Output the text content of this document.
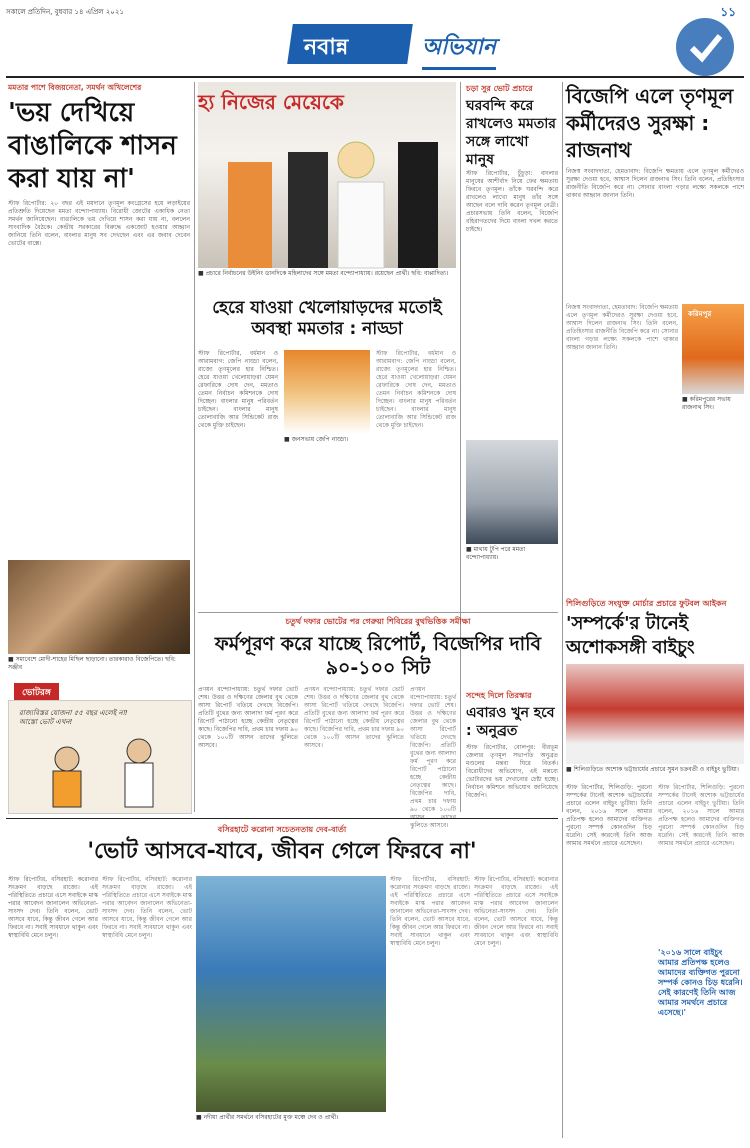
সকালে প্রতিদিন, বুধবার ১৪ এপ্রিল ২০২১	১১
নবান্ন	অভিযান
মমতার পাশে বিজয়নেতা, সমর্থন অখিলেশের
'ভয় দেখিয়ে বাঙালিকে শাসন করা যায় না'
স্টাফ রিপোর্টার: ২০ বছর এই ময়দানে তৃণমূল কংগ্রেসের হয়ে লড়াইয়ের প্রতিশ্রুতি দিয়েছেন মমতা বন্দ্যোপাধ্যায়। বিরোধী জোটের একাধিক নেতা সমর্থন জানিয়েছেন। বাঙালিকে ভয় দেখিয়ে শাসন করা যায় না, বললেন সাংবাদিক বৈঠকে। কেন্দ্রীয় সরকারের বিরুদ্ধে একজোট হওয়ার আহ্বান জানিয়ে তিনি বলেন, বাংলার মানুষ সব দেখছেন এবং এর জবাব দেবেন ভোটের বাক্সে।
■ সমাবেশে মোদী-শাহের মিছিল ছাড়ানো। তারকারাও বিজেপিতে। ছবি: সঞ্জীব
ভোটরঙ্গ
রাজ্যবিস্তর যোজনা ৫৫ বছর এলেই না! আস্তো ভোট এখন!
হ্য নিজের মেয়েকে
■ প্রচারে নির্বাচনের উইনিং ডানদিকে মহিলাদের সঙ্গে মমতা বন্দ্যোপাধ্যায়। রয়েছেন প্রার্থী। ছবি: বাপ্পাদিত্য।
হেরে যাওয়া খেলোয়াড়দের মতোই অবস্থা মমতার : নাড্ডা
স্টাফ রিপোর্টার, বর্ধমান ও আরামবাগ: জেপি নাড্ডা বলেন, রাজ্যে তৃণমূলের হার নিশ্চিত। হেরে যাওয়া খেলোয়াড়রা যেমন রেফারিকে দোষ দেন, মমতাও তেমন নির্বাচন কমিশনকে দোষ দিচ্ছেন। বাংলার মানুষ পরিবর্তন চাইছেন। বাংলার মানুষ তোলাবাজি আর সিন্ডিকেট রাজ থেকে মুক্তি চাইছেন।
■ জনসভায় জেপি নাড্ডা।
স্টাফ রিপোর্টার, বর্ধমান ও আরামবাগ: জেপি নাড্ডা বলেন, রাজ্যে তৃণমূলের হার নিশ্চিত। হেরে যাওয়া খেলোয়াড়রা যেমন রেফারিকে দোষ দেন, মমতাও তেমন নির্বাচন কমিশনকে দোষ দিচ্ছেন। বাংলার মানুষ পরিবর্তন চাইছেন। বাংলার মানুষ তোলাবাজি আর সিন্ডিকেট রাজ থেকে মুক্তি চাইছেন।
চড়া সুর ভোট প্রচারে
ঘরবন্দি করে রাখলেও মমতার সঙ্গে লাখো মানুষ
স্টাফ রিপোর্টার, চুঁচুড়া: বাংলার মানুষের আশীর্বাদ নিয়ে ফের ক্ষমতায় ফিরবে তৃণমূল। তাঁকে ঘরবন্দি করে রাখলেও লাখো মানুষ তাঁর সঙ্গে আছেন বলে দাবি করেন তৃণমূল নেত্রী। প্রচারসভায় তিনি বলেন, বিজেপি বহিরাগতদের দিয়ে বাংলা দখল করতে চাইছে।
■ মাথায় টুপি পরে মমতা বন্দ্যোপাধ্যায়।
বিজেপি এলে তৃণমূল কর্মীদেরও সুরক্ষা : রাজনাথ
নিজস্ব সংবাদদাতা, হেমতাবাদ: বিজেপি ক্ষমতায় এলে তৃণমূল কর্মীদেরও সুরক্ষা দেওয়া হবে, আশ্বাস দিলেন রাজনাথ সিং। তিনি বলেন, প্রতিহিংসার রাজনীতি বিজেপি করে না। সোনার বাংলা গড়ার লক্ষ্যে সকলকে পাশে থাকার আহ্বান জানান তিনি।
করিমপুর
■ করিমপুরের সভায় রাজনাথ সিং।
নিজস্ব সংবাদদাতা, হেমতাবাদ: বিজেপি ক্ষমতায় এলে তৃণমূল কর্মীদেরও সুরক্ষা দেওয়া হবে, আশ্বাস দিলেন রাজনাথ সিং। তিনি বলেন, প্রতিহিংসার রাজনীতি বিজেপি করে না। সোনার বাংলা গড়ার লক্ষ্যে সকলকে পাশে থাকার আহ্বান জানান তিনি।
চতুর্থ দফার ভোটের পর গেরুয়া শিবিরের বুথভিত্তিক সমীক্ষা
ফর্মপূরণ করে যাচ্ছে রিপোর্ট, বিজেপির দাবি ৯০-১০০ সিট
প্রণয়ন বন্দ্যোপাধ্যায়: চতুর্থ দফার ভোট শেষ। উত্তর ও দক্ষিণের জেলার বুথ থেকে আসা রিপোর্ট খতিয়ে দেখছে বিজেপি। প্রতিটি বুথের জন্য আলাদা ফর্ম পূরণ করে রিপোর্ট পাঠানো হচ্ছে কেন্দ্রীয় নেতৃত্বের কাছে। বিজেপির দাবি, প্রথম চার দফায় ৯০ থেকে ১০০টি আসন তাদের ঝুলিতে আসবে।
প্রণয়ন বন্দ্যোপাধ্যায়: চতুর্থ দফার ভোট শেষ। উত্তর ও দক্ষিণের জেলার বুথ থেকে আসা রিপোর্ট খতিয়ে দেখছে বিজেপি। প্রতিটি বুথের জন্য আলাদা ফর্ম পূরণ করে রিপোর্ট পাঠানো হচ্ছে কেন্দ্রীয় নেতৃত্বের কাছে। বিজেপির দাবি, প্রথম চার দফায় ৯০ থেকে ১০০টি আসন তাদের ঝুলিতে আসবে।
প্রণয়ন বন্দ্যোপাধ্যায়: চতুর্থ দফার ভোট শেষ। উত্তর ও দক্ষিণের জেলার বুথ থেকে আসা রিপোর্ট খতিয়ে দেখছে বিজেপি। প্রতিটি বুথের জন্য আলাদা ফর্ম পূরণ করে রিপোর্ট পাঠানো হচ্ছে কেন্দ্রীয় নেতৃত্বের কাছে। বিজেপির দাবি, প্রথম চার দফায় ৯০ থেকে ১০০টি ঝুলিতে আসবে।
সন্দেহ দিলে তিরস্কার
এবারও খুন হবে : অনুব্রত
স্টাফ রিপোর্টার, বোলপুর: বীরভূম জেলার তৃণমূল সভাপতি অনুব্রত মণ্ডলের মন্তব্য ঘিরে বিতর্ক। বিরোধীদের অভিযোগ, এই মন্তব্যে ভোটারদের ভয় দেখানোর চেষ্টা হচ্ছে। নির্বাচন কমিশনে অভিযোগ জানিয়েছে বিজেপি।
শিলিগুড়িতে সংযুক্ত মোর্চার প্রচারে ফুটবল আইকন
'সম্পর্কে'র টানেই অশোকসঙ্গী বাইচুং
■ শিলিগুড়িতে অশোক ভট্টাচার্যের প্রচারে সুমন চক্রবর্তী ও বাইচুং ভুটিয়া।
স্টাফ রিপোর্টার, শিলিগুড়ি: পুরনো সম্পর্কের টানেই অশোক ভট্টাচার্যের প্রচারে এলেন বাইচুং ভুটিয়া। তিনি বলেন, ২০১৬ সালে আমার প্রতিপক্ষ হলেও আমাদের ব্যক্তিগত পুরনো সম্পর্ক কোনওদিন চিড় ধরেনি। সেই কারণেই তিনি আজ আমার সমর্থনে প্রচারে এসেছেন।
স্টাফ রিপোর্টার, শিলিগুড়ি: পুরনো সম্পর্কের টানেই অশোক ভট্টাচার্যের প্রচারে এলেন বাইচুং ভুটিয়া। তিনি বলেন, ২০১৬ সালে আমার প্রতিপক্ষ হলেও আমাদের ব্যক্তিগত পুরনো সম্পর্ক কোনওদিন চিড় ধরেনি। সেই কারণেই তিনি আজ আমার সমর্থনে প্রচারে এসেছেন।
'২০১৬ সালে বাইচুং আমার প্রতিপক্ষ হলেও আমাদের ব্যক্তিগত পুরনো সম্পর্ক কোনও চিড় ধরেনি। সেই কারণেই তিনি আজ আমার সমর্থনে প্রচারে এসেছে।'
বসিরহাটে করোনা সচেতনতায় দেব-বার্তা
'ভোট আসবে-যাবে, জীবন গেলে ফিরবে না'
স্টাফ রিপোর্টার, বসিরহাট: করোনার সংক্রমণ বাড়ছে রাজ্যে। এই পরিস্থিতিতে প্রচারে এসে সবাইকে মাস্ক পরার আবেদন জানালেন অভিনেতা-সাংসদ দেব। তিনি বলেন, ভোট আসবে যাবে, কিন্তু জীবন গেলে আর ফিরবে না। সবাই সাবধানে থাকুন এবং স্বাস্থ্যবিধি মেনে চলুন।
স্টাফ রিপোর্টার, বসিরহাট: করোনার সংক্রমণ বাড়ছে রাজ্যে। এই পরিস্থিতিতে প্রচারে এসে সবাইকে মাস্ক পরার আবেদন জানালেন অভিনেতা-সাংসদ দেব। তিনি বলেন, ভোট আসবে যাবে, কিন্তু জীবন গেলে আর ফিরবে না। সবাই সাবধানে থাকুন এবং স্বাস্থ্যবিধি মেনে চলুন।
■ নদীয়া প্রার্থীর সমর্থনে বসিরহাটের মুক্ত মঞ্চে দেব ও প্রার্থী।
স্টাফ রিপোর্টার, বসিরহাট: করোনার সংক্রমণ বাড়ছে রাজ্যে। এই পরিস্থিতিতে প্রচারে এসে সবাইকে মাস্ক পরার আবেদন জানালেন অভিনেতা-সাংসদ দেব। তিনি বলেন, ভোট আসবে যাবে, কিন্তু জীবন গেলে আর ফিরবে না। সবাই সাবধানে থাকুন এবং স্বাস্থ্যবিধি মেনে চলুন।
স্টাফ রিপোর্টার, বসিরহাট: করোনার সংক্রমণ বাড়ছে রাজ্যে। এই পরিস্থিতিতে প্রচারে এসে সবাইকে মাস্ক পরার আবেদন জানালেন অভিনেতা-সাংসদ দেব। তিনি বলেন, ভোট আসবে যাবে, কিন্তু জীবন গেলে আর ফিরবে না। সবাই সাবধানে থাকুন এবং স্বাস্থ্যবিধি মেনে চলুন।
